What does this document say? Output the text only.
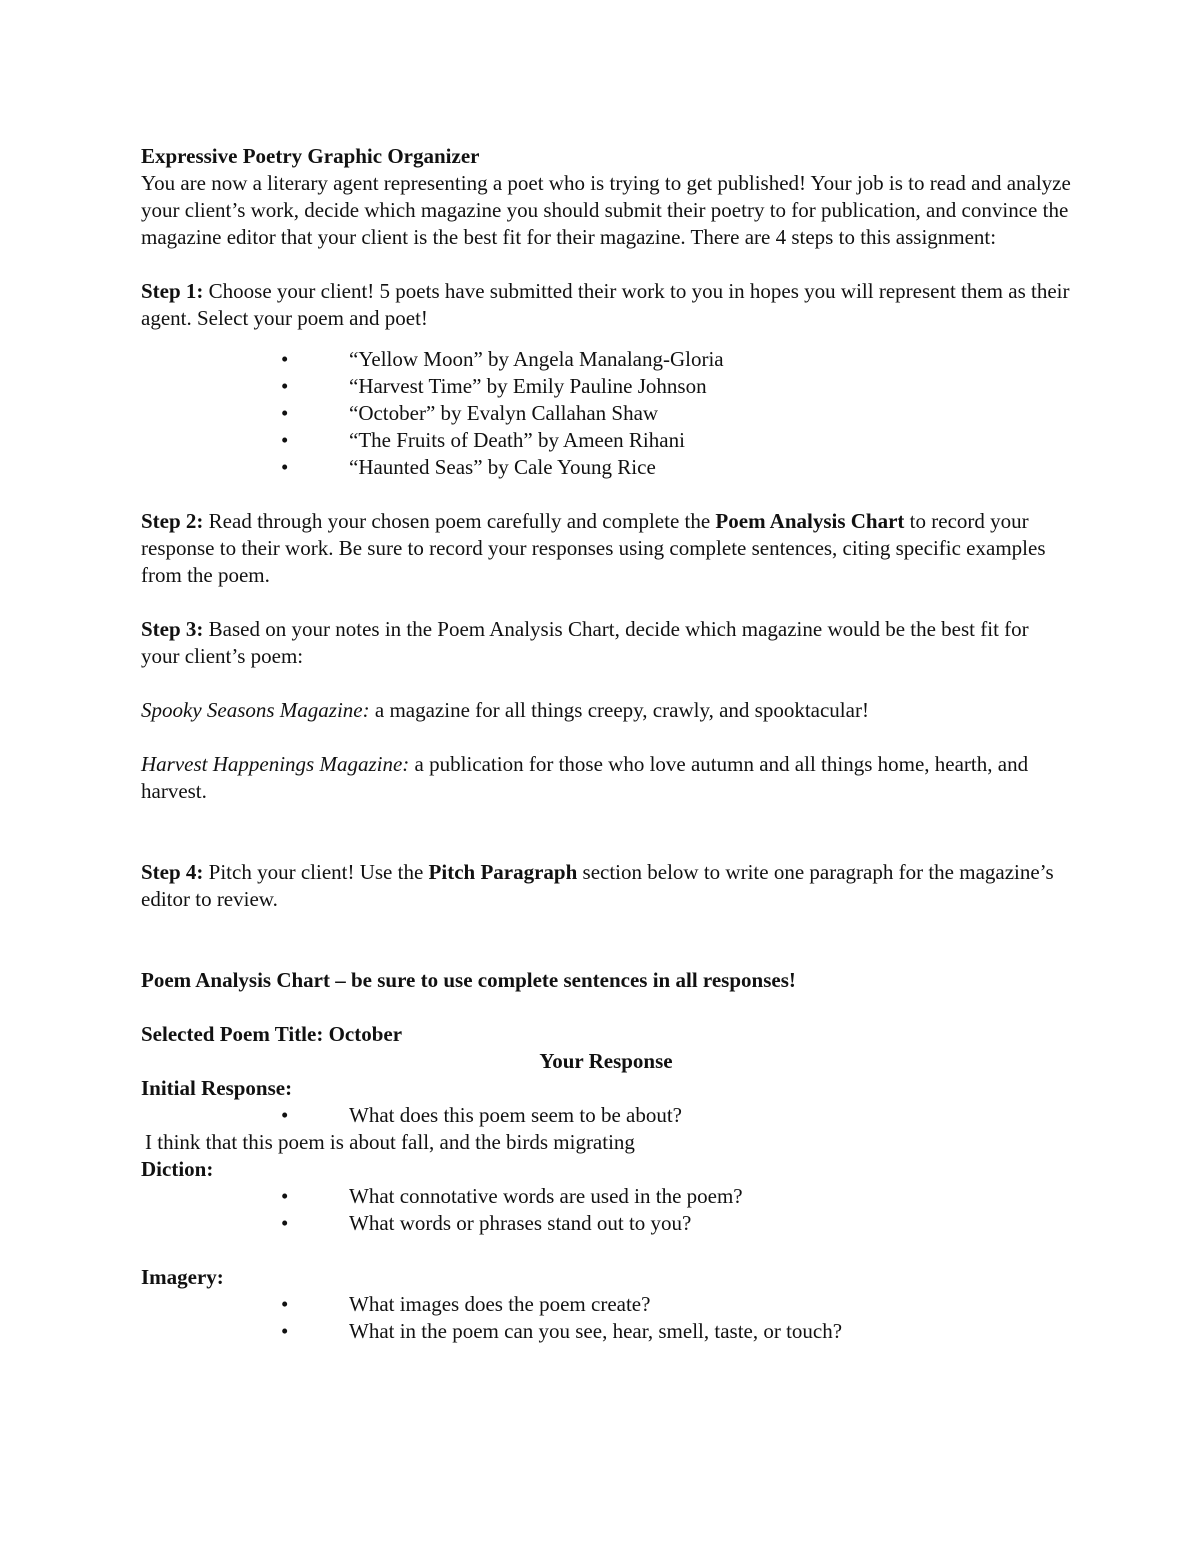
Expressive Poetry Graphic Organizer

You are now a literary agent representing a poet who is trying to get published! Your job is to read and analyze your client’s work, decide which magazine you should submit their poetry to for publication, and convince the magazine editor that your client is the best fit for their magazine. There are 4 steps to this assignment:

Step 1: Choose your client! 5 poets have submitted their work to you in hopes you will represent them as their agent. Select your poem and poet!

•	“Yellow Moon” by Angela Manalang-Gloria
•	“Harvest Time” by Emily Pauline Johnson
•	“October” by Evalyn Callahan Shaw
•	“The Fruits of Death” by Ameen Rihani
•	“Haunted Seas” by Cale Young Rice

Step 2: Read through your chosen poem carefully and complete the Poem Analysis Chart to record your response to their work. Be sure to record your responses using complete sentences, citing specific examples from the poem.

Step 3: Based on your notes in the Poem Analysis Chart, decide which magazine would be the best fit for your client’s poem:

Spooky Seasons Magazine: a magazine for all things creepy, crawly, and spooktacular!

Harvest Happenings Magazine: a publication for those who love autumn and all things home, hearth, and harvest.

Step 4: Pitch your client! Use the Pitch Paragraph section below to write one paragraph for the magazine’s editor to review.

Poem Analysis Chart – be sure to use complete sentences in all responses!

Selected Poem Title: October

Your Response

Initial Response:

•	What does this poem seem to be about?

I think that this poem is about fall, and the birds migrating

Diction:

•	What connotative words are used in the poem?
•	What words or phrases stand out to you?

Imagery:

•	What images does the poem create?
•	What in the poem can you see, hear, smell, taste, or touch?
